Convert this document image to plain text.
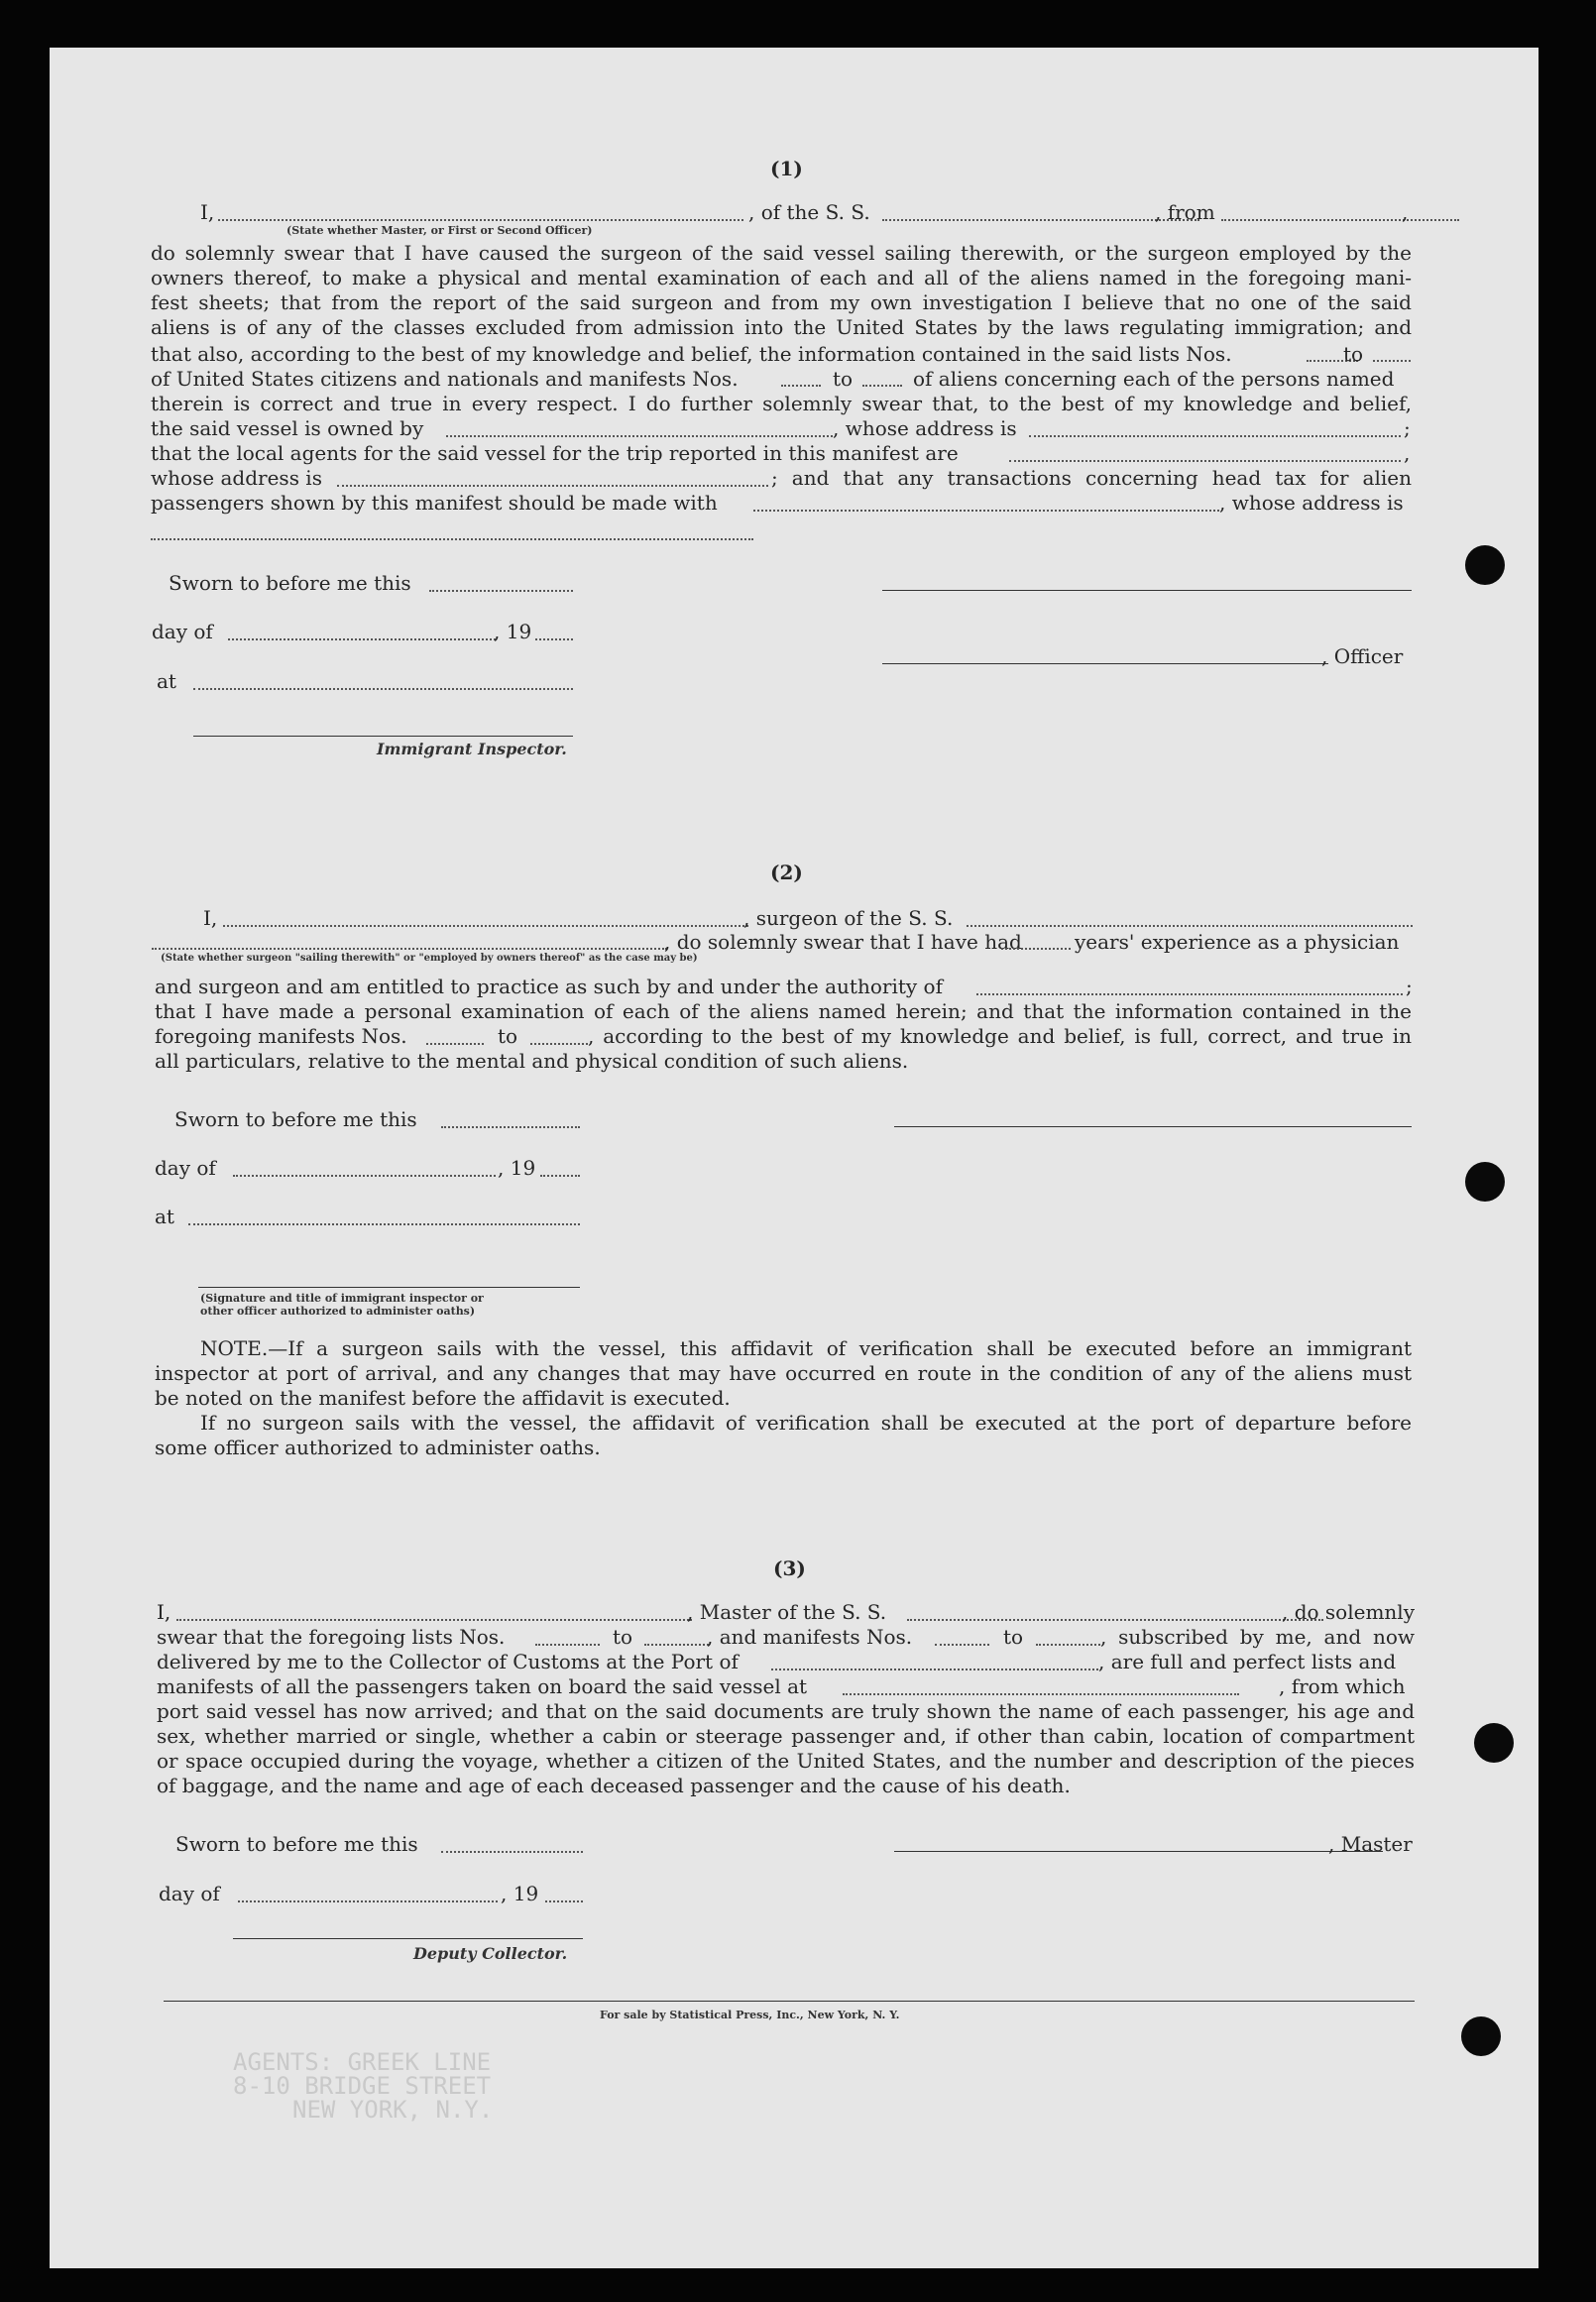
AGENTS: GREEK LINE
8-10 BRIDGE STREET
NEW YORK, N.Y.
(1)
I,	, of the S. S.	, from	,
(State whether Master, or First or Second Officer)
do solemnly swear that I have caused the surgeon of the said vessel sailing therewith, or the surgeon employed by the
owners thereof, to make a physical and mental examination of each and all of the aliens named in the foregoing mani-
fest sheets; that from the report of the said surgeon and from my own investigation I believe that no one of the said
aliens is of any of the classes excluded from admission into the United States by the laws regulating immigration; and
that also, according to the best of my knowledge and belief, the information contained in the said lists Nos.	to
of United States citizens and nationals and manifests Nos.	to	of aliens concerning each of the persons named
therein is correct and true in every respect. I do further solemnly swear that, to the best of my knowledge and belief,
the said vessel is owned by	, whose address is	;
that the local agents for the said vessel for the trip reported in this manifest are	,
whose address is	; and that any transactions concerning head tax for alien
passengers shown by this manifest should be made with	, whose address is
Sworn to before me this
day of	, 19
, Officer
at
Immigrant Inspector.
(2)
I,	, surgeon of the S. S.
, do solemnly swear that I have had	years' experience as a physician
(State whether surgeon "sailing therewith" or "employed by owners thereof" as the case may be)
and surgeon and am entitled to practice as such by and under the authority of	;
that I have made a personal examination of each of the aliens named herein; and that the information contained in the
foregoing manifests Nos.	to	, according to the best of my knowledge and belief, is full, correct, and true in
all particulars, relative to the mental and physical condition of such aliens.
Sworn to before me this
day of	, 19
at
(Signature and title of immigrant inspector or
other officer authorized to administer oaths)
NOTE.—If a surgeon sails with the vessel, this affidavit of verification shall be executed before an immigrant
inspector at port of arrival, and any changes that may have occurred en route in the condition of any of the aliens must
be noted on the manifest before the affidavit is executed.
If no surgeon sails with the vessel, the affidavit of verification shall be executed at the port of departure before
some officer authorized to administer oaths.
(3)
I,	, Master of the S. S.	, do solemnly
swear that the foregoing lists Nos.	to	, and manifests Nos.	to	, subscribed by me, and now
delivered by me to the Collector of Customs at the Port of	, are full and perfect lists and
manifests of all the passengers taken on board the said vessel at	, from which
port said vessel has now arrived; and that on the said documents are truly shown the name of each passenger, his age and
sex, whether married or single, whether a cabin or steerage passenger and, if other than cabin, location of compartment
or space occupied during the voyage, whether a citizen of the United States, and the number and description of the pieces
of baggage, and the name and age of each deceased passenger and the cause of his death.
Sworn to before me this	, Master
day of	, 19
Deputy Collector.
For sale by Statistical Press, Inc., New York, N. Y.
